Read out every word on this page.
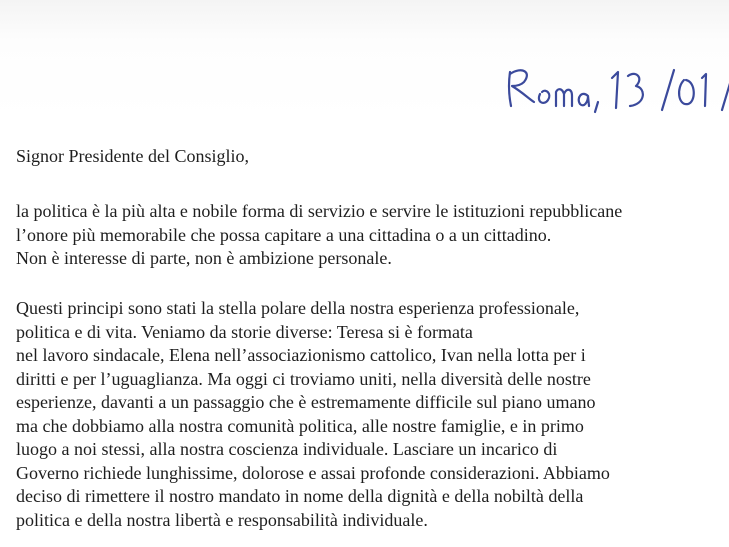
Signor Presidente del Consiglio,
la politica è la più alta e nobile forma di servizio e servire le istituzioni repubblicane
l’onore più memorabile che possa capitare a una cittadina o a un cittadino.
Non è interesse di parte, non è ambizione personale.
Questi principi sono stati la stella polare della nostra esperienza professionale,
politica e di vita. Veniamo da storie diverse: Teresa si è formata
nel lavoro sindacale, Elena nell’associazionismo cattolico, Ivan nella lotta per i
diritti e per l’uguaglianza. Ma oggi ci troviamo uniti, nella diversità delle nostre
esperienze, davanti a un passaggio che è estremamente difficile sul piano umano
ma che dobbiamo alla nostra comunità politica, alle nostre famiglie, e in primo
luogo a noi stessi, alla nostra coscienza individuale. Lasciare un incarico di
Governo richiede lunghissime, dolorose e assai profonde considerazioni. Abbiamo
deciso di rimettere il nostro mandato in nome della dignità e della nobiltà della
politica e della nostra libertà e responsabilità individuale.
